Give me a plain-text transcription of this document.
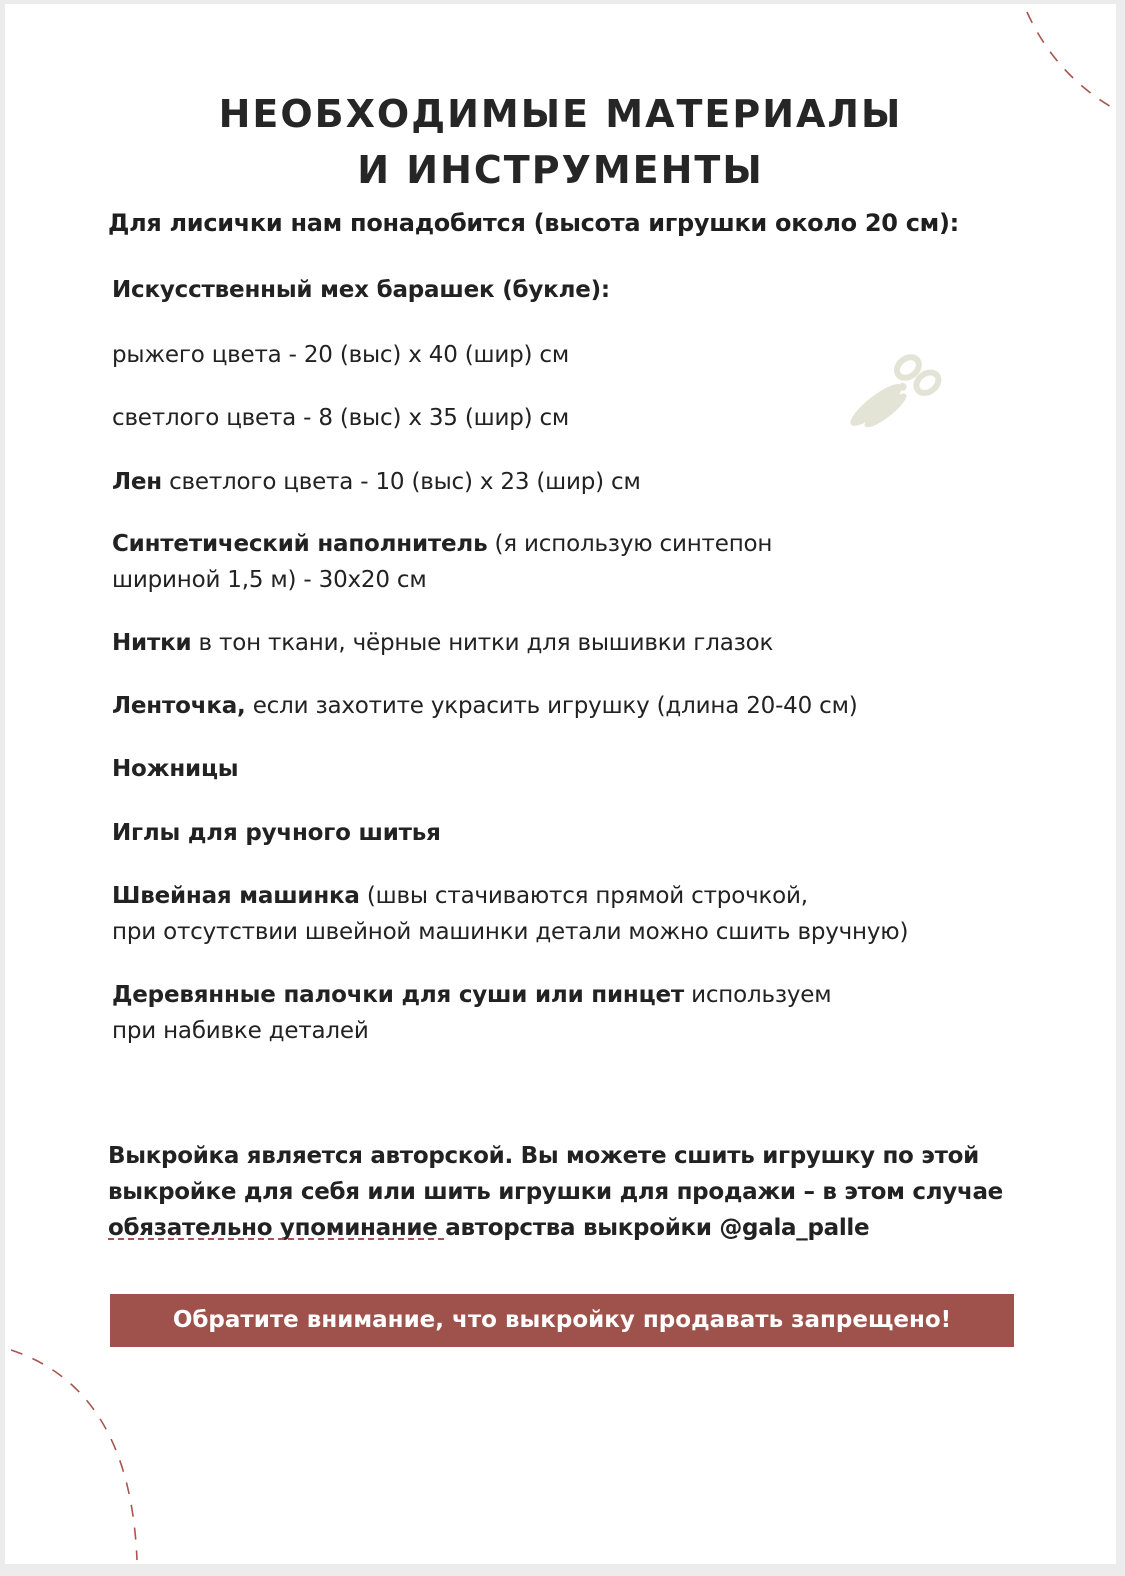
НЕОБХОДИМЫЕ МАТЕРИАЛЫ
И ИНСТРУМЕНТЫ
Для лисички нам понадобится (высота игрушки около 20 см):
Искусственный мех барашек (букле):
рыжего цвета - 20 (выс) х 40 (шир) см
светлого цвета - 8 (выс) х 35 (шир) см
Лен светлого цвета - 10 (выс) х 23 (шир) см
Синтетический наполнитель (я использую синтепон
шириной 1,5 м) - 30х20 см
Нитки в тон ткани, чёрные нитки для вышивки глазок
Ленточка, если захотите украсить игрушку (длина 20-40 см)
Ножницы
Иглы для ручного шитья
Швейная машинка (швы стачиваются прямой строчкой,
при отсутствии швейной машинки детали можно сшить вручную)
Деревянные палочки для суши или пинцет используем
при набивке деталей
Выкройка является авторской. Вы можете сшить игрушку по этой
выкройке для себя или шить игрушки для продажи – в этом случае
обязательно упоминание авторства выкройки @gala_palle
Обратите внимание, что выкройку продавать запрещено!
